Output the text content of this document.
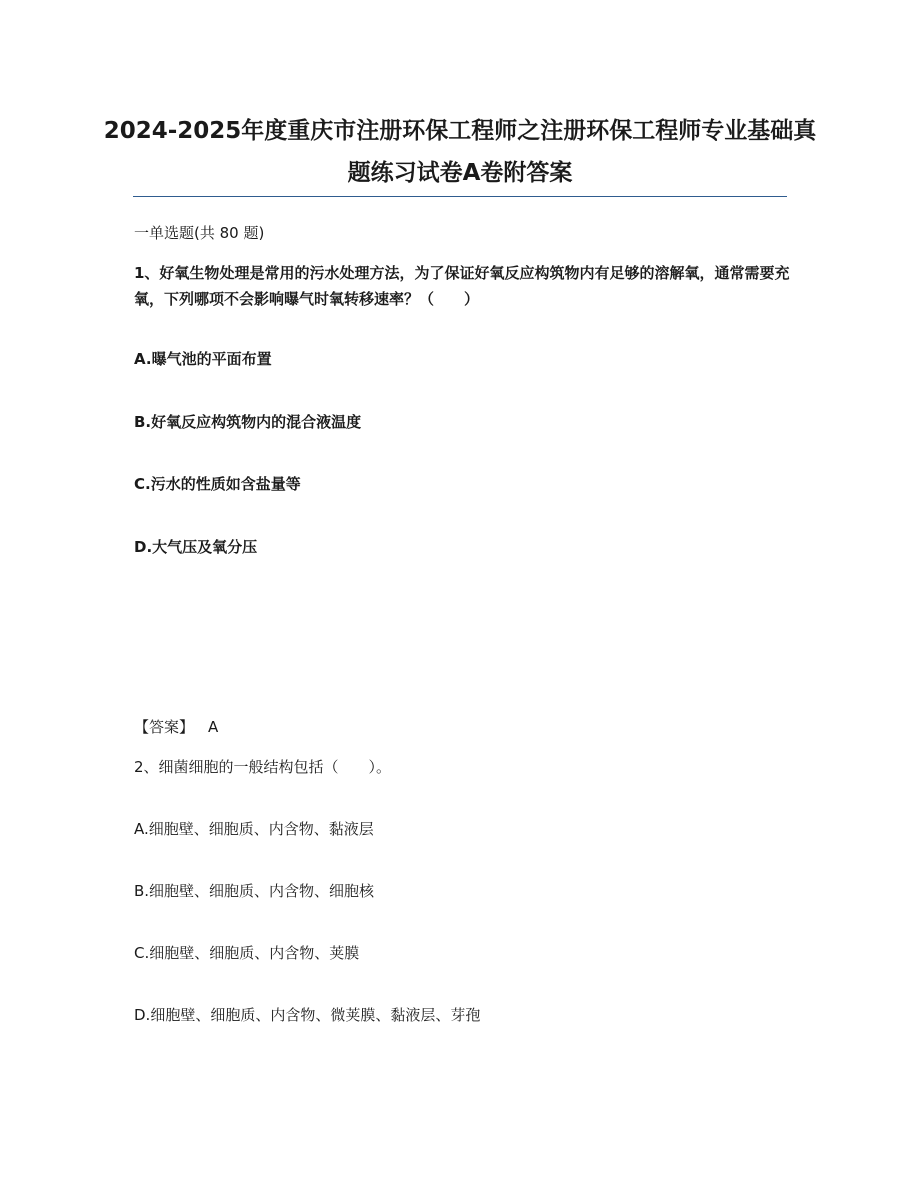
2024-2025年度重庆市注册环保工程师之注册环保工程师专业基础真题练习试卷A卷附答案

一单选题(共 80 题)

1、好氧生物处理是常用的污水处理方法，为了保证好氧反应构筑物内有足够的溶解氧，通常需要充氧，下列哪项不会影响曝气时氧转移速率？（　　）

A.曝气池的平面布置

B.好氧反应构筑物内的混合液温度

C.污水的性质如含盐量等

D.大气压及氧分压

【答案】 A

2、细菌细胞的一般结构包括（　　）。

A.细胞壁、细胞质、内含物、黏液层

B.细胞壁、细胞质、内含物、细胞核

C.细胞壁、细胞质、内含物、荚膜

D.细胞壁、细胞质、内含物、微荚膜、黏液层、芽孢
